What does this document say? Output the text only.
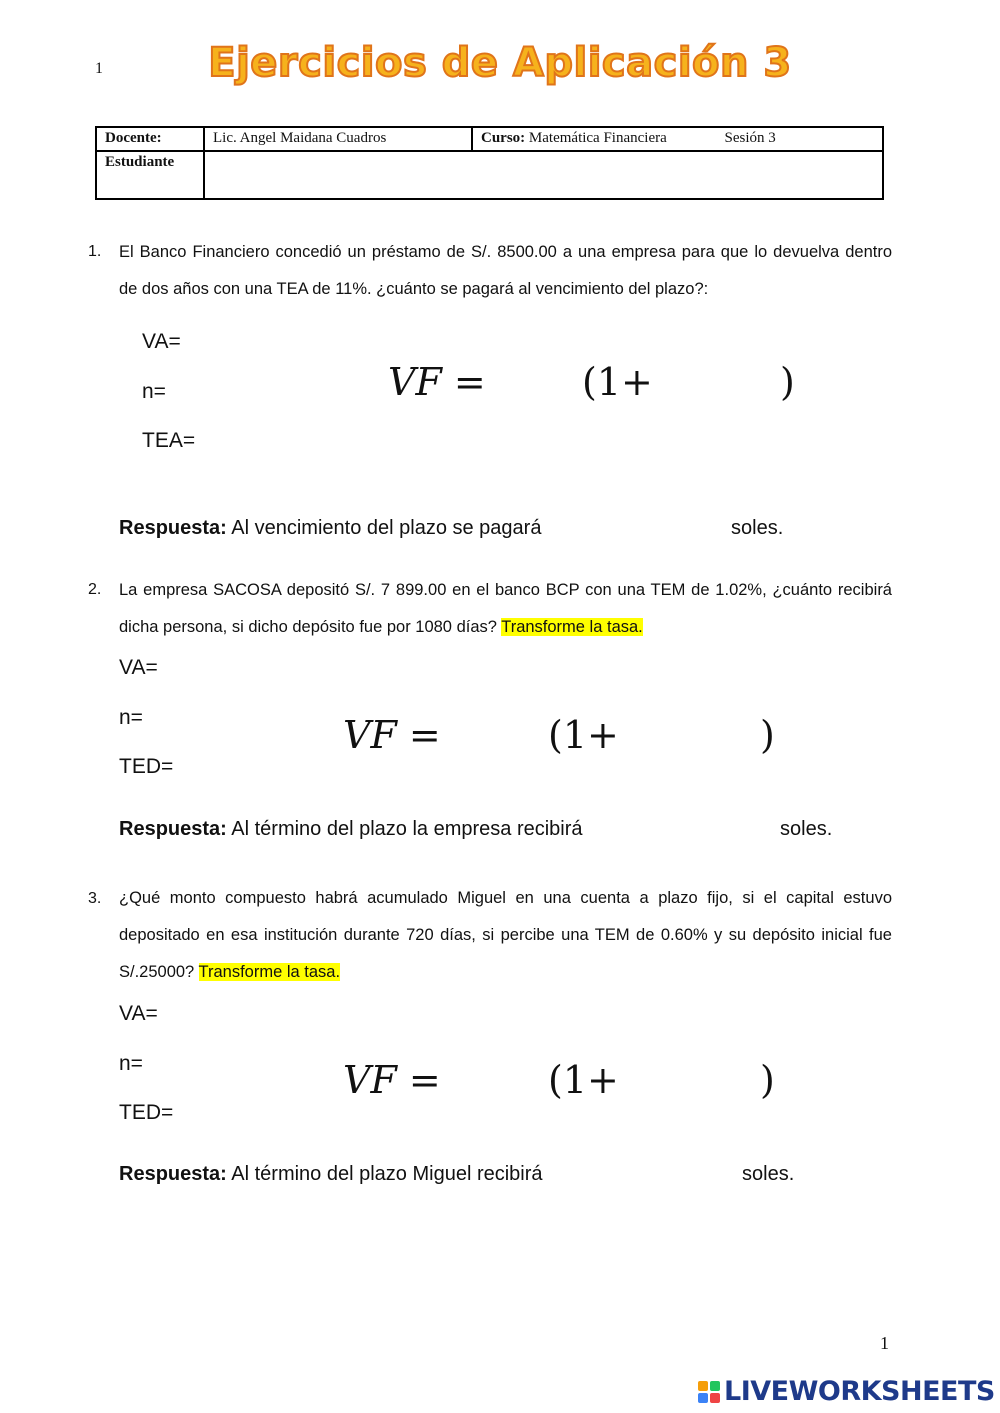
1	Ejercicios de Aplicación 3
Docente:	Lic. Angel Maidana Cuadros	Curso: Matemática Financiera Sesión 3
Estudiante		
1. El Banco Financiero concedió un préstamo de S/. 8500.00 a una empresa para que lo devuelva dentro de dos años con una TEA de 11%. ¿cuánto se pagará al vencimiento del plazo?:
VA=
n=
TEA=
VF =	(1+	)
Respuesta: Al vencimiento del plazo se pagará	soles.
2. La empresa SACOSA depositó S/. 7 899.00 en el banco BCP con una TEM de 1.02%, ¿cuánto recibirá dicha persona, si dicho depósito fue por 1080 días? Transforme la tasa.
VA=
n=
TED=
VF =	(1+	)
Respuesta: Al término del plazo la empresa recibirá	soles.
3. ¿Qué monto compuesto habrá acumulado Miguel en una cuenta a plazo fijo, si el capital estuvo depositado en esa institución durante 720 días, si percibe una TEM de 0.60% y su depósito inicial fue S/.25000? Transforme la tasa.
VA=
n=
TED=
VF =	(1+	)
Respuesta: Al término del plazo Miguel recibirá	soles.
1
LIVEWORKSHEETS
